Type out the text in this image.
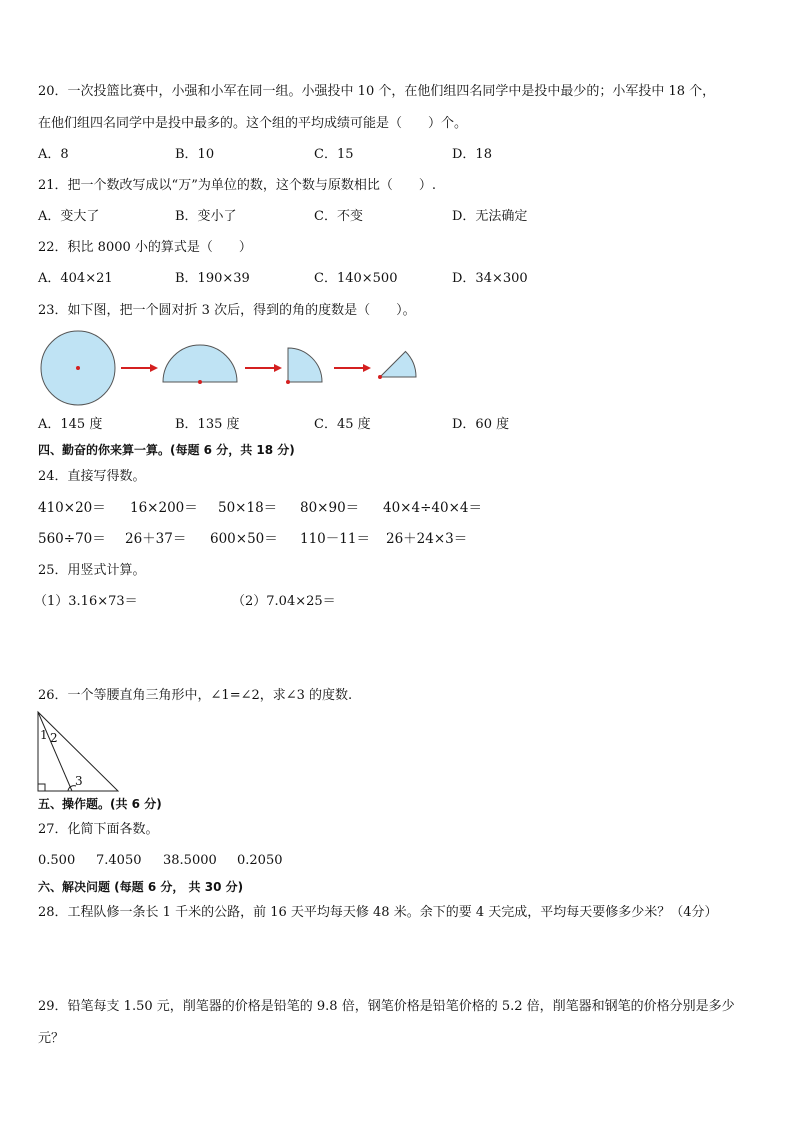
20．一次投篮比赛中，小强和小军在同一组。小强投中 10 个，在他们组四名同学中是投中最少的；小军投中 18 个，
在他们组四名同学中是投中最多的。这个组的平均成绩可能是（　　）个。
A．8	B．10	C．15	D．18
21．把一个数改写成以“万”为单位的数，这个数与原数相比（　　）.
A．变大了	B．变小了	C．不变	D．无法确定
22．积比 8000 小的算式是（　　）
A．404×21	B．190×39	C．140×500	D．34×300
23．如下图，把一个圆对折 3 次后，得到的角的度数是（　　）。
A．145 度	B．135 度	C．45 度	D．60 度
四、勤奋的你来算一算。(每题 6 分，共 18 分)
24．直接写得数。
410×20＝ 16×200＝ 50×18＝ 80×90＝ 40×4÷40×4＝
560÷70＝ 26＋37＝ 600×50＝ 110－11＝ 26＋24×3＝
25．用竖式计算。
（1）3.16×73＝	（2）7.04×25＝
26．一个等腰直角三角形中，∠1=∠2，求∠3 的度数.
1 2
3
五、操作题。(共 6 分)
27．化简下面各数。
0.500 7.4050 38.5000 0.2050
六、解决问题 (每题 6 分， 共 30 分)
28．工程队修一条长 1 千米的公路，前 16 天平均每天修 48 米。余下的要 4 天完成，平均每天要修多少米？（4分）
29．铅笔每支 1.50 元，削笔器的价格是铅笔的 9.8 倍，钢笔价格是铅笔价格的 5.2 倍，削笔器和钢笔的价格分别是多少
元？
